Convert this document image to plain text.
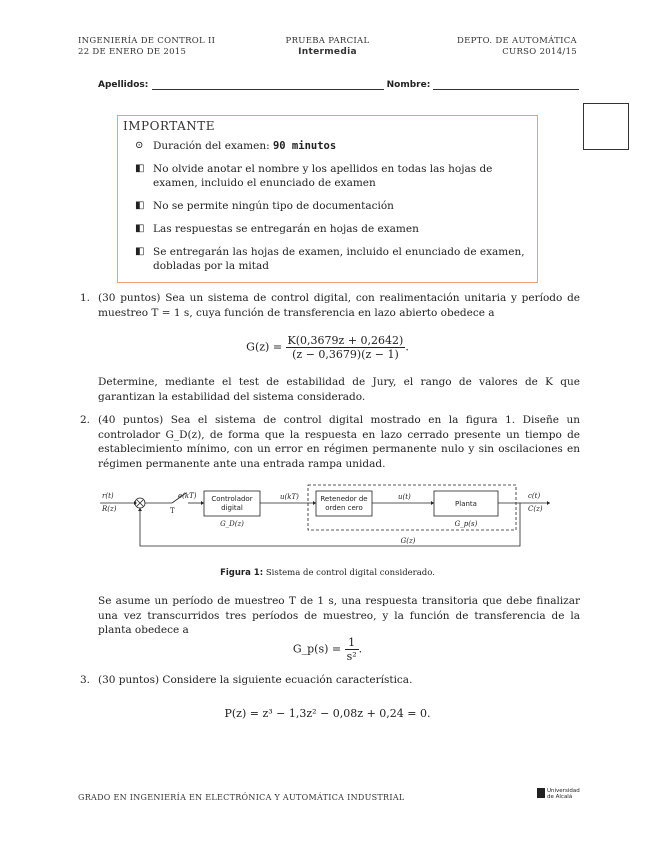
INGENIERÍA DE CONTROL II
22 DE ENERO DE 2015
PRUEBA PARCIAL
Intermedia
DEPTO. DE AUTOMÁTICA
CURSO 2014/15
Apellidos:	Nombre:
IMPORTANTE
⊙ Duración del examen: 90 minutos
◧ No olvide anotar el nombre y los apellidos en todas las hojas de examen, incluido el enunciado de examen
◧ No se permite ningún tipo de documentación
◧ Las respuestas se entregarán en hojas de examen
◧ Se entregarán las hojas de examen, incluido el enunciado de examen, dobladas por la mitad
1. (30 puntos) Sea un sistema de control digital, con realimentación unitaria y período de muestreo T = 1 s, cuya función de transferencia en lazo abierto obedece a
$G(z) = \frac{K(0,3679z + 0,2642)}{(z - 0,3679)(z - 1)}$ .
Determine, mediante el test de estabilidad de Jury, el rango de valores de K que garantizan la estabilidad del sistema considerado.
2. (40 puntos) Sea el sistema de control digital mostrado en la figura 1. Diseñe un controlador G_D(z), de forma que la respuesta en lazo cerrado presente un tiempo de establecimiento mínimo, con un error en régimen permanente nulo y sin oscilaciones en régimen permanente ante una entrada rampa unidad.
r(t)
R(z)
e(kT)
T
Controlador
digital
G_D(z)
u(kT)	Retenedor de
orden cero
u(t)
Planta
G_p(s)
c(t)
C(z)
G(z)
Figura 1: Sistema de control digital considerado.
Se asume un período de muestreo T de 1 s, una respuesta transitoria que debe finalizar una vez transcurridos tres períodos de muestreo, y la función de transferencia de la planta obedece a
G_p(s) = $\frac{1}{\text{s²}}$ .
3. (30 puntos) Considere la siguiente ecuación característica.
P(z) = z³ − 1,3z² − 0,08z + 0,24 = 0.
GRADO EN INGENIERÍA EN ELECTRÓNICA Y AUTOMÁTICA INDUSTRIAL
Universidad
de Alcalá
